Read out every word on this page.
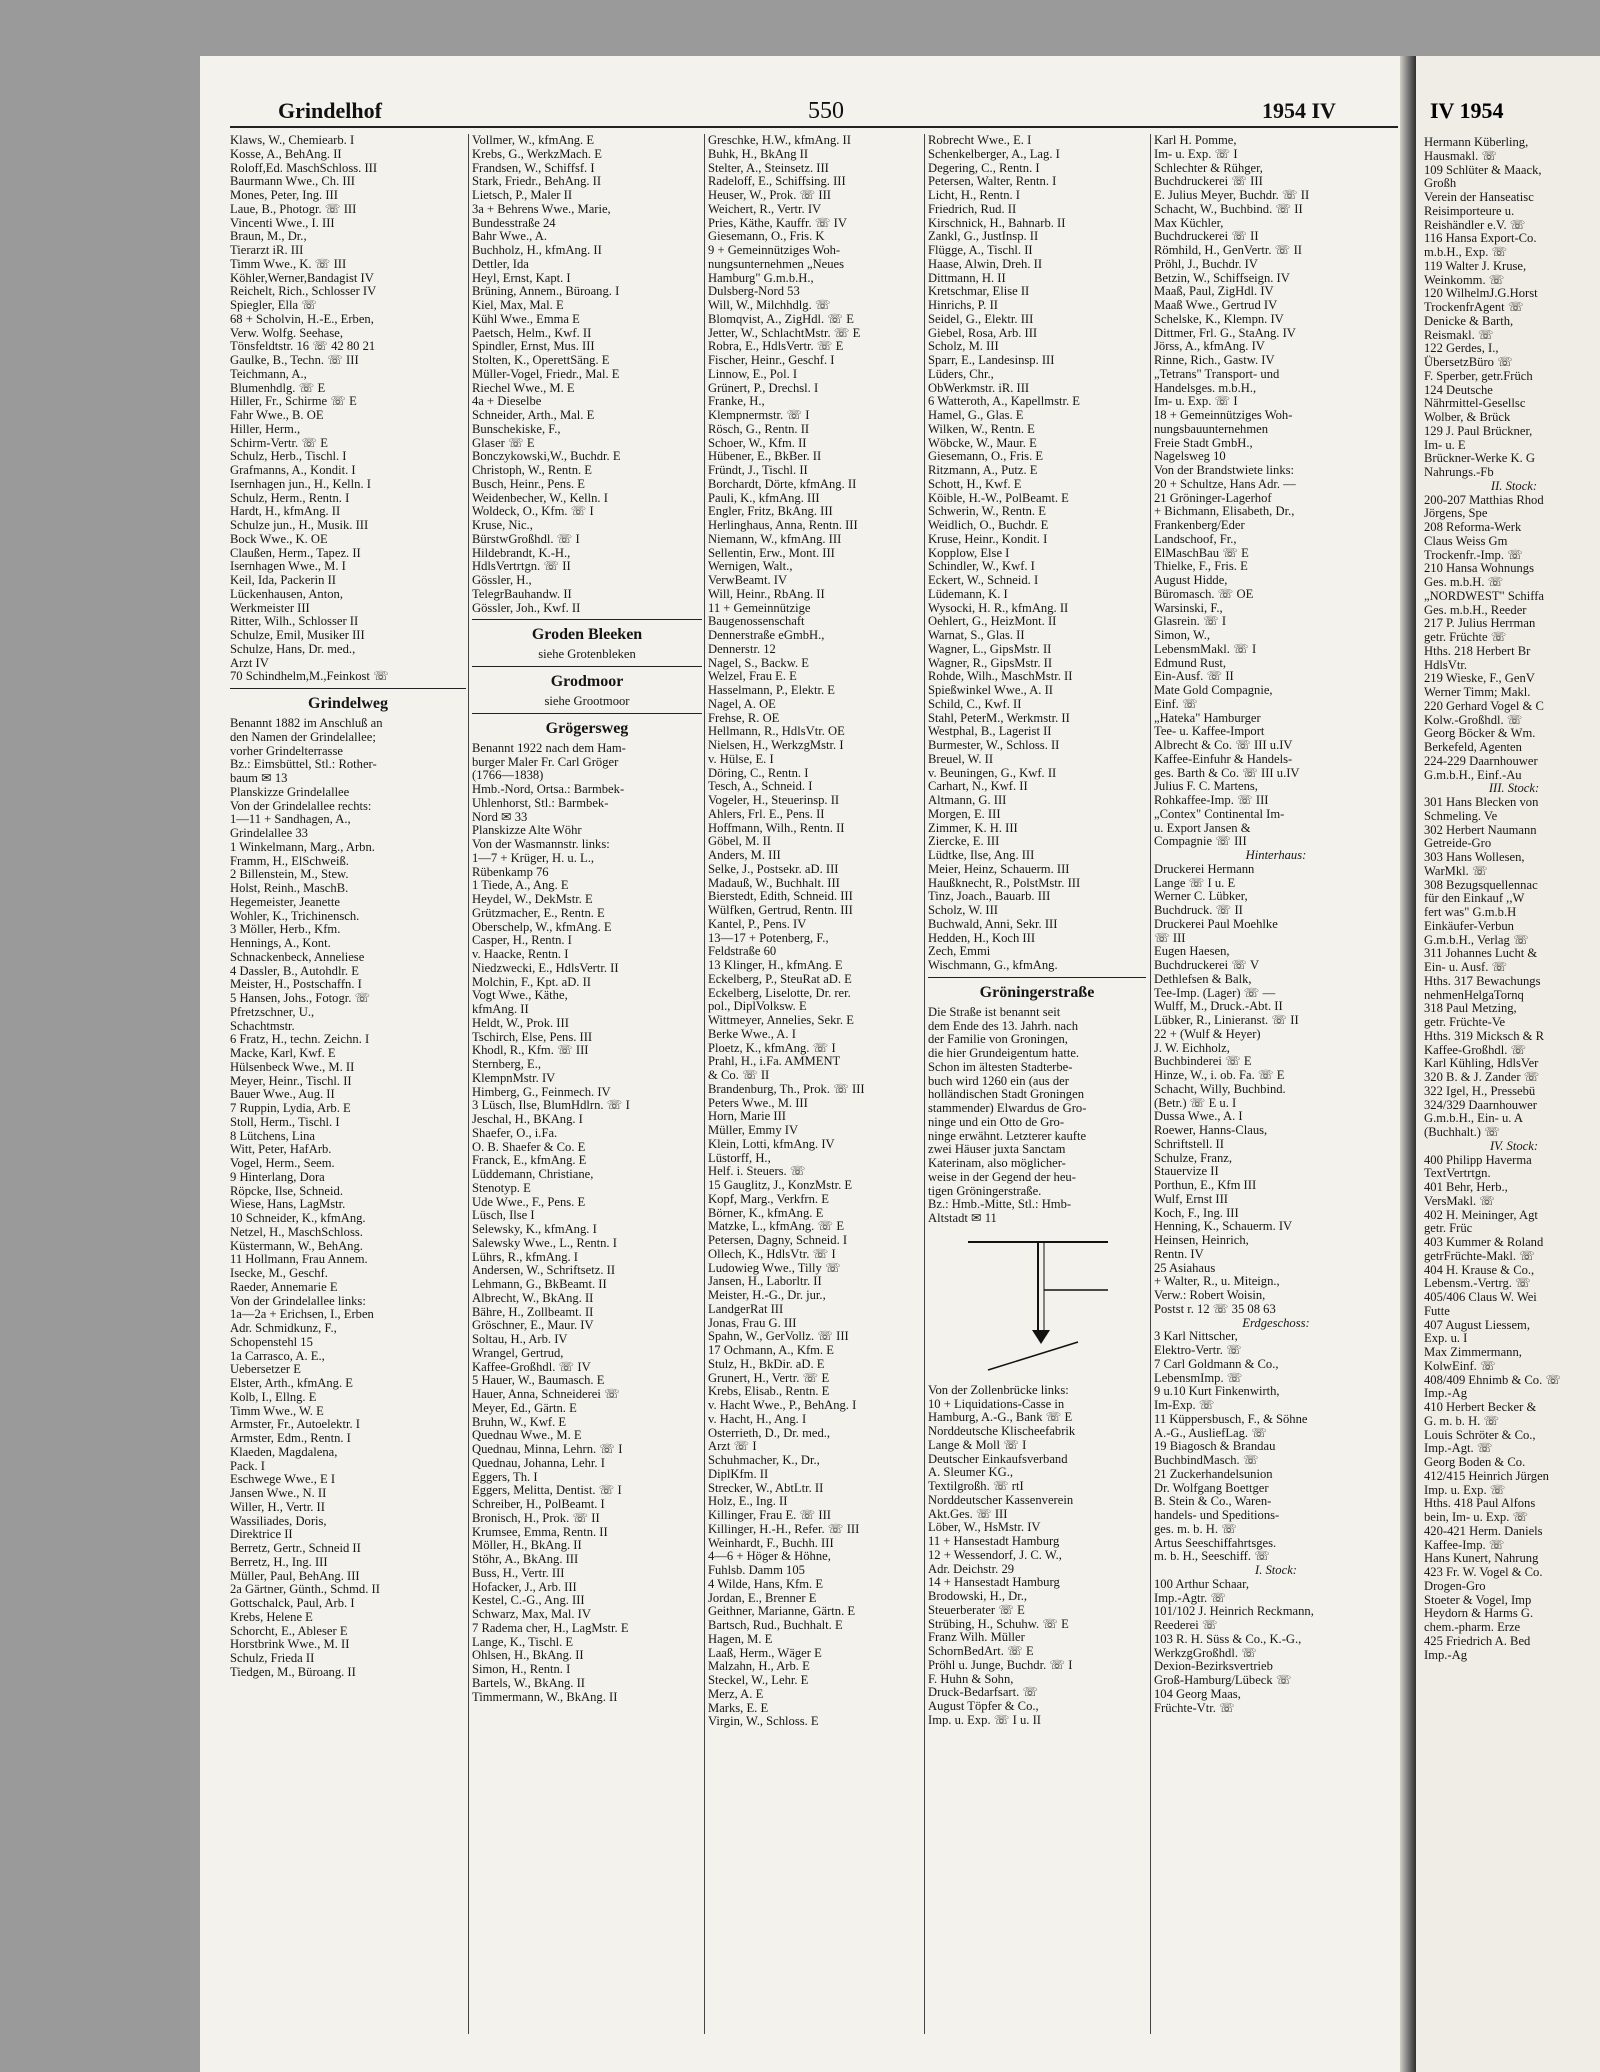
IV 1954
Hermann Küberling,
Hausmakl. ☏
109 Schlüter & Maack,
Großh
Verein der Hanseatisc
Reisimporteure u.
Reishändler e.V. ☏
116 Hansa Export-Co.
m.b.H., Exp. ☏
119 Walter J. Kruse,
Weinkomm. ☏
120 WilhelmJ.G.Horst
TrockenfrAgent ☏
Denicke & Barth,
Reismakl. ☏
122 Gerdes, I.,
ÜbersetzBüro ☏
F. Sperber, getr.Früch
124 Deutsche
Nährmittel-Gesellsc
Wolber, & Brück
129 J. Paul Brückner,
Im- u. E
Brückner-Werke K. G
Nahrungs.-Fb
II. Stock:
200-207 Matthias Rhod
Jörgens, Spe
208 Reforma-Werk
Claus Weiss Gm
Trockenfr.-Imp. ☏
210 Hansa Wohnungs
Ges. m.b.H. ☏
„NORDWEST" Schiffa
Ges. m.b.H., Reeder
217 P. Julius Herrman
getr. Früchte ☏
Hths. 218 Herbert Br
HdlsVtr.
219 Wieske, F., GenV
Werner Timm; Makl.
220 Gerhard Vogel & C
Kolw.-Großhdl. ☏
Georg Böcker & Wm.
Berkefeld, Agenten
224-229 Daarnhouwer
G.m.b.H., Einf.-Au
III. Stock:
301 Hans Blecken von
Schmeling. Ve
302 Herbert Naumann
Getreide-Gro
303 Hans Wollesen,
WarMkl. ☏
308 Bezugsquellennac
für den Einkauf ,,W
fert was" G.m.b.H
Einkäufer-Verbun
G.m.b.H., Verlag ☏
311 Johannes Lucht &
Ein- u. Ausf. ☏
Hths. 317 Bewachungs
nehmenHelgaTornq
318 Paul Metzing,
getr. Früchte-Ve
Hths. 319 Micksch & R
Kaffee-Großhdl. ☏
Karl Kühling, HdlsVer
320 B. & J. Zander ☏
322 Igel, H., Pressebü
324/329 Daarnhouwer
G.m.b.H., Ein- u. A
(Buchhalt.) ☏
IV. Stock:
400 Philipp Haverma
TextVertrtgn.
401 Behr, Herb.,
VersMakl. ☏
402 H. Meininger, Agt
getr. Früc
403 Kummer & Roland
getrFrüchte-Makl. ☏
404 H. Krause & Co.,
Lebensm.-Vertrg. ☏
405/406 Claus W. Wei
Futte
407 August Liessem,
Exp. u. I
Max Zimmermann,
KolwEinf. ☏
408/409 Ehnimb & Co. ☏
Imp.-Ag
410 Herbert Becker &
G. m. b. H. ☏
Louis Schröter & Co.,
Imp.-Agt. ☏
Georg Boden & Co.
412/415 Heinrich Jürgen
Imp. u. Exp. ☏
Hths. 418 Paul Alfons
bein, Im- u. Exp. ☏
420-421 Herm. Daniels
Kaffee-Imp. ☏
Hans Kunert, Nahrung
423 Fr. W. Vogel & Co.
Drogen-Gro
Stoeter & Vogel, Imp
Heydorn & Harms G.
chem.-pharm. Erze
425 Friedrich A. Bed
Imp.-Ag
Grindelhof	550	1954 IV
Klaws, W., Chemiearb. I
Kosse, A., BehAng. II
Roloff,Ed. MaschSchloss. III
Baurmann Wwe., Ch. III
Mones, Peter, Ing. III
Laue, B., Photogr. ☏ III
Vincenti Wwe., I. III
Braun, M., Dr.,
Tierarzt iR. III
Timm Wwe., K. ☏ III
Köhler,Werner,Bandagist IV
Reichelt, Rich., Schlosser IV
Spiegler, Ella ☏
68 + Scholvin, H.-E., Erben,
Verw. Wolfg. Seehase,
Tönsfeldtstr. 16 ☏ 42 80 21
Gaulke, B., Techn. ☏ III
Teichmann, A.,
Blumenhdlg. ☏ E
Hiller, Fr., Schirme ☏ E
Fahr Wwe., B. OE
Hiller, Herm.,
Schirm-Vertr. ☏ E
Schulz, Herb., Tischl. I
Grafmanns, A., Kondit. I
Isernhagen jun., H., Kelln. I
Schulz, Herm., Rentn. I
Hardt, H., kfmAng. II
Schulze jun., H., Musik. III
Bock Wwe., K. OE
Claußen, Herm., Tapez. II
Isernhagen Wwe., M. I
Keil, Ida, Packerin II
Lückenhausen, Anton,
Werkmeister III
Ritter, Wilh., Schlosser II
Schulze, Emil, Musiker III
Schulze, Hans, Dr. med.,
Arzt IV
70 Schindhelm,M.,Feinkost ☏
Grindelweg
Benannt 1882 im Anschluß an
den Namen der Grindelallee;
vorher Grindelterrasse
Bz.: Eimsbüttel, Stl.: Rother-
baum ✉ 13
Planskizze Grindelallee
Von der Grindelallee rechts:
1—11 + Sandhagen, A.,
Grindelallee 33
1 Winkelmann, Marg., Arbn.
Framm, H., ElSchweiß.
2 Billenstein, M., Stew.
Holst, Reinh., MaschB.
Hegemeister, Jeanette
Wohler, K., Trichinensch.
3 Möller, Herb., Kfm.
Hennings, A., Kont.
Schnackenbeck, Anneliese
4 Dassler, B., Autohdlr. E
Meister, H., Postschaffn. I
5 Hansen, Johs., Fotogr. ☏
Pfretzschner, U.,
Schachtmstr.
6 Fratz, H., techn. Zeichn. I
Macke, Karl, Kwf. E
Hülsenbeck Wwe., M. II
Meyer, Heinr., Tischl. II
Bauer Wwe., Aug. II
7 Ruppin, Lydia, Arb. E
Stoll, Herm., Tischl. I
8 Lütchens, Lina
Witt, Peter, HafArb.
Vogel, Herm., Seem.
9 Hinterlang, Dora
Röpcke, Ilse, Schneid.
Wiese, Hans, LagMstr.
10 Schneider, K., kfmAng.
Netzel, H., MaschSchloss.
Küstermann, W., BehAng.
11 Hollmann, Frau Annem.
Isecke, M., Geschf.
Raeder, Annemarie E
Von der Grindelallee links:
1a—2a + Erichsen, I., Erben
Adr. Schmidkunz, F.,
Schopenstehl 15
1a Carrasco, A. E.,
Uebersetzer E
Elster, Arth., kfmAng. E
Kolb, I., Ellng. E
Timm Wwe., W. E
Armster, Fr., Autoelektr. I
Armster, Edm., Rentn. I
Klaeden, Magdalena,
Pack. I
Eschwege Wwe., E I
Jansen Wwe., N. II
Willer, H., Vertr. II
Wassiliades, Doris,
Direktrice II
Berretz, Gertr., Schneid II
Berretz, H., Ing. III
Müller, Paul, BehAng. III
2a Gärtner, Günth., Schmd. II
Gottschalck, Paul, Arb. I
Krebs, Helene E
Schorcht, E., Ableser E
Horstbrink Wwe., M. II
Schulz, Frieda II
Tiedgen, M., Büroang. II
Vollmer, W., kfmAng. E
Krebs, G., WerkzMach. E
Frandsen, W., Schiffsf. I
Stark, Friedr., BehAng. II
Lietsch, P., Maler II
3a + Behrens Wwe., Marie,
Bundesstraße 24
Bahr Wwe., A.
Buchholz, H., kfmAng. II
Dettler, Ida
Heyl, Ernst, Kapt. I
Brüning, Annem., Büroang. I
Kiel, Max, Mal. E
Kühl Wwe., Emma E
Paetsch, Helm., Kwf. II
Spindler, Ernst, Mus. III
Stolten, K., OperettSäng. E
Müller-Vogel, Friedr., Mal. E
Riechel Wwe., M. E
4a + Dieselbe
Schneider, Arth., Mal. E
Bunschekiske, F.,
Glaser ☏ E
Bonczykowski,W., Buchdr. E
Christoph, W., Rentn. E
Busch, Heinr., Pens. E
Weidenbecher, W., Kelln. I
Woldeck, O., Kfm. ☏ I
Kruse, Nic.,
BürstwGroßhdl. ☏ I
Hildebrandt, K.-H.,
HdlsVertrtgn. ☏ II
Gössler, H.,
TelegrBauhandw. II
Gössler, Joh., Kwf. II
Groden Bleeken
siehe Grotenbleken
Grodmoor
siehe Grootmoor
Grögersweg
Benannt 1922 nach dem Ham-
burger Maler Fr. Carl Gröger
(1766—1838)
Hmb.-Nord, Ortsa.: Barmbek-
Uhlenhorst, Stl.: Barmbek-
Nord ✉ 33
Planskizze Alte Wöhr
Von der Wasmannstr. links:
1—7 + Krüger, H. u. L.,
Rübenkamp 76
1 Tiede, A., Ang. E
Heydel, W., DekMstr. E
Grützmacher, E., Rentn. E
Oberschelp, W., kfmAng. E
Casper, H., Rentn. I
v. Haacke, Rentn. I
Niedzwecki, E., HdlsVertr. II
Molchin, F., Kpt. aD. II
Vogt Wwe., Käthe,
kfmAng. II
Heldt, W., Prok. III
Tschirch, Else, Pens. III
Khodl, R., Kfm. ☏ III
Sternberg, E.,
KlempnMstr. IV
Himberg, G., Feinmech. IV
3 Lüsch, Ilse, BlumHdlrn. ☏ I
Jeschal, H., BKAng. I
Shaefer, O., i.Fa.
O. B. Shaefer & Co. E
Franck, E., kfmAng. E
Lüddemann, Christiane,
Stenotyp. E
Ude Wwe., F., Pens. E
Lüsch, Ilse I
Selewsky, K., kfmAng. I
Salewsky Wwe., L., Rentn. I
Lührs, R., kfmAng. I
Andersen, W., Schriftsetz. II
Lehmann, G., BkBeamt. II
Albrecht, W., BkAng. II
Bähre, H., Zollbeamt. II
Gröschner, E., Maur. IV
Soltau, H., Arb. IV
Wrangel, Gertrud,
Kaffee-Großhdl. ☏ IV
5 Hauer, W., Baumasch. E
Hauer, Anna, Schneiderei ☏
Meyer, Ed., Gärtn. E
Bruhn, W., Kwf. E
Quednau Wwe., M. E
Quednau, Minna, Lehrn. ☏ I
Quednau, Johanna, Lehr. I
Eggers, Th. I
Eggers, Melitta, Dentist. ☏ I
Schreiber, H., PolBeamt. I
Bronisch, H., Prok. ☏ II
Krumsee, Emma, Rentn. II
Möller, H., BkAng. II
Stöhr, A., BkAng. III
Buss, H., Vertr. III
Hofacker, J., Arb. III
Kestel, C.-G., Ang. III
Schwarz, Max, Mal. IV
7 Radema cher, H., LagMstr. E
Lange, K., Tischl. E
Ohlsen, H., BkAng. II
Simon, H., Rentn. I
Bartels, W., BkAng. II
Timmermann, W., BkAng. II
Greschke, H.W., kfmAng. II
Buhk, H., BkAng II
Stelter, A., Steinsetz. III
Radeloff, E., Schiffsing. III
Heuser, W., Prok. ☏ III
Weichert, R., Vertr. IV
Pries, Käthe, Kauffr. ☏ IV
Giesemann, O., Fris. K
9 + Gemeinnütziges Woh-
nungsunternehmen „Neues
Hamburg" G.m.b.H.,
Dulsberg-Nord 53
Will, W., Milchhdlg. ☏
Blomqvist, A., ZigHdl. ☏ E
Jetter, W., SchlachtMstr. ☏ E
Robra, E., HdlsVertr. ☏ E
Fischer, Heinr., Geschf. I
Linnow, E., Pol. I
Grünert, P., Drechsl. I
Franke, H.,
Klempnermstr. ☏ I
Rösch, G., Rentn. II
Schoer, W., Kfm. II
Hübener, E., BkBer. II
Fründt, J., Tischl. II
Borchardt, Dörte, kfmAng. II
Pauli, K., kfmAng. III
Engler, Fritz, BkAng. III
Herlinghaus, Anna, Rentn. III
Niemann, W., kfmAng. III
Sellentin, Erw., Mont. III
Wernigen, Walt.,
VerwBeamt. IV
Will, Heinr., RbAng. II
11 + Gemeinnützige
Baugenossenschaft
Dennerstraße eGmbH.,
Dennerstr. 12
Nagel, S., Backw. E
Welzel, Frau E. E
Hasselmann, P., Elektr. E
Nagel, A. OE
Frehse, R. OE
Hellmann, R., HdlsVtr. OE
Nielsen, H., WerkzgMstr. I
v. Hülse, E. I
Döring, C., Rentn. I
Tesch, A., Schneid. I
Vogeler, H., Steuerinsp. II
Ahlers, Frl. E., Pens. II
Hoffmann, Wilh., Rentn. II
Göbel, M. II
Anders, M. III
Selke, J., Postsekr. aD. III
Madauß, W., Buchhalt. III
Bierstedt, Edith, Schneid. III
Wülfken, Gertrud, Rentn. III
Kantel, P., Pens. IV
13—17 + Potenberg, F.,
Feldstraße 60
13 Klinger, H., kfmAng. E
Eckelberg, P., SteuRat aD. E
Eckelberg, Liselotte, Dr. rer.
pol., DiplVolksw. E
Wittmeyer, Annelies, Sekr. E
Berke Wwe., A. I
Ploetz, K., kfmAng. ☏ I
Prahl, H., i.Fa. AMMENT
& Co. ☏ II
Brandenburg, Th., Prok. ☏ III
Peters Wwe., M. III
Horn, Marie III
Müller, Emmy IV
Klein, Lotti, kfmAng. IV
Lüstorff, H.,
Helf. i. Steuers. ☏
15 Gauglitz, J., KonzMstr. E
Kopf, Marg., Verkfrn. E
Börner, K., kfmAng. E
Matzke, L., kfmAng. ☏ E
Petersen, Dagny, Schneid. I
Ollech, K., HdlsVtr. ☏ I
Ludowieg Wwe., Tilly ☏
Jansen, H., Laborltr. II
Meister, H.-G., Dr. jur.,
LandgerRat III
Jonas, Frau G. III
Spahn, W., GerVollz. ☏ III
17 Ochmann, A., Kfm. E
Stulz, H., BkDir. aD. E
Grunert, H., Vertr. ☏ E
Krebs, Elisab., Rentn. E
v. Hacht Wwe., P., BehAng. I
v. Hacht, H., Ang. I
Osterrieth, D., Dr. med.,
Arzt ☏ I
Schuhmacher, K., Dr.,
DiplKfm. II
Strecker, W., AbtLtr. II
Holz, E., Ing. II
Killinger, Frau E. ☏ III
Killinger, H.-H., Refer. ☏ III
Weinhardt, F., Buchh. III
4—6 + Höger & Höhne,
Fuhlsb. Damm 105
4 Wilde, Hans, Kfm. E
Jordan, E., Brenner E
Geithner, Marianne, Gärtn. E
Bartsch, Rud., Buchhalt. E
Hagen, M. E
Laaß, Herm., Wäger E
Malzahn, H., Arb. E
Steckel, W., Lehr. E
Merz, A. E
Marks, E. E
Virgin, W., Schloss. E
Robrecht Wwe., E. I
Schenkelberger, A., Lag. I
Degering, C., Rentn. I
Petersen, Walter, Rentn. I
Licht, H., Rentn. I
Friedrich, Rud. II
Kirschnick, H., Bahnarb. II
Zankl, G., JustInsp. II
Flügge, A., Tischl. II
Haase, Alwin, Dreh. II
Dittmann, H. II
Kretschmar, Elise II
Hinrichs, P. II
Seidel, G., Elektr. III
Giebel, Rosa, Arb. III
Scholz, M. III
Sparr, E., Landesinsp. III
Lüders, Chr.,
ObWerkmstr. iR. III
6 Watteroth, A., Kapellmstr. E
Hamel, G., Glas. E
Wilken, W., Rentn. E
Wöbcke, W., Maur. E
Giesemann, O., Fris. E
Ritzmann, A., Putz. E
Schott, H., Kwf. E
Köible, H.-W., PolBeamt. E
Schwerin, W., Rentn. E
Weidlich, O., Buchdr. E
Kruse, Heinr., Kondit. I
Kopplow, Else I
Schindler, W., Kwf. I
Eckert, W., Schneid. I
Lüdemann, K. I
Wysocki, H. R., kfmAng. II
Oehlert, G., HeizMont. II
Warnat, S., Glas. II
Wagner, L., GipsMstr. II
Wagner, R., GipsMstr. II
Rohde, Wilh., MaschMstr. II
Spießwinkel Wwe., A. II
Schild, C., Kwf. II
Stahl, PeterM., Werkmstr. II
Westphal, B., Lagerist II
Burmester, W., Schloss. II
Breuel, W. II
v. Beuningen, G., Kwf. II
Carhart, N., Kwf. II
Altmann, G. III
Morgen, E. III
Zimmer, K. H. III
Ziercke, E. III
Lüdtke, Ilse, Ang. III
Meier, Heinz, Schauerm. III
Haußknecht, R., PolstMstr. III
Tinz, Joach., Bauarb. III
Scholz, W. III
Buchwald, Anni, Sekr. III
Hedden, H., Koch III
Zech, Emmi
Wischmann, G., kfmAng.
Gröningerstraße
Die Straße ist benannt seit
dem Ende des 13. Jahrh. nach
der Familie von Groningen,
die hier Grundeigentum hatte.
Schon im ältesten Stadterbe-
buch wird 1260 ein (aus der
holländischen Stadt Groningen
stammender) Elwardus de Gro-
ninge und ein Otto de Gro-
ninge erwähnt. Letzterer kaufte
zwei Häuser juxta Sanctam
Katerinam, also möglicher-
weise in der Gegend der heu-
tigen Gröningerstraße.
Bz.: Hmb.-Mitte, Stl.: Hmb-
Altstadt ✉ 11
Von der Zollenbrücke links:
10 + Liquidations-Casse in
Hamburg, A.-G., Bank ☏ E
Norddeutsche Klischeefabrik
Lange & Moll ☏ I
Deutscher Einkaufsverband
A. Sleumer KG.,
Textilgroßh. ☏ rtI
Norddeutscher Kassenverein
Akt.Ges. ☏ III
Löber, W., HsMstr. IV
11 + Hansestadt Hamburg
12 + Wessendorf, J. C. W.,
Adr. Deichstr. 29
14 + Hansestadt Hamburg
Brodowski, H., Dr.,
Steuerberater ☏ E
Strübing, H., Schuhw. ☏ E
Franz Wilh. Müller
SchornBedArt. ☏ E
Pröhl u. Junge, Buchdr. ☏ I
F. Huhn & Sohn,
Druck-Bedarfsart. ☏
August Töpfer & Co.,
Imp. u. Exp. ☏ I u. II
Karl H. Pomme,
Im- u. Exp. ☏ I
Schlechter & Rühger,
Buchdruckerei ☏ III
E. Julius Meyer, Buchdr. ☏ II
Schacht, W., Buchbind. ☏ II
Max Küchler,
Buchdruckerei ☏ II
Römhild, H., GenVertr. ☏ II
Pröhl, J., Buchdr. IV
Betzin, W., Schiffseign. IV
Maaß, Paul, ZigHdl. IV
Maaß Wwe., Gertrud IV
Schelske, K., Klempn. IV
Dittmer, Frl. G., StaAng. IV
Jörss, A., kfmAng. IV
Rinne, Rich., Gastw. IV
„Tetrans" Transport- und
Handelsges. m.b.H.,
Im- u. Exp. ☏ I
18 + Gemeinnütziges Woh-
nungsbauunternehmen
Freie Stadt GmbH.,
Nagelsweg 10
Von der Brandstwiete links:
20 + Schultze, Hans Adr. —
21 Gröninger-Lagerhof
+ Bichmann, Elisabeth, Dr.,
Frankenberg/Eder
Landschoof, Fr.,
ElMaschBau ☏ E
Thielke, F., Fris. E
August Hidde,
Büromasch. ☏ OE
Warsinski, F.,
Glasrein. ☏ I
Simon, W.,
LebensmMakl. ☏ I
Edmund Rust,
Ein-Ausf. ☏ II
Mate Gold Compagnie,
Einf. ☏
„Hateka" Hamburger
Tee- u. Kaffee-Import
Albrecht & Co. ☏ III u.IV
Kaffee-Einfuhr & Handels-
ges. Barth & Co. ☏ III u.IV
Julius F. C. Martens,
Rohkaffee-Imp. ☏ III
„Contex" Continental Im-
u. Export Jansen &
Compagnie ☏ III
Hinterhaus:
Druckerei Hermann
Lange ☏ I u. E
Werner C. Lübker,
Buchdruck. ☏ II
Druckerei Paul Moehlke
☏ III
Eugen Haesen,
Buchdruckerei ☏ V
Dethlefsen & Balk,
Tee-Imp. (Lager) ☏ —
Wulff, M., Druck.-Abt. II
Lübker, R., Linieranst. ☏ II
22 + (Wulf & Heyer)
J. W. Eichholz,
Buchbinderei ☏ E
Hinze, W., i. ob. Fa. ☏ E
Schacht, Willy, Buchbind.
(Betr.) ☏ E u. I
Dussa Wwe., A. I
Roewer, Hanns-Claus,
Schriftstell. II
Schulze, Franz,
Stauervize II
Porthun, E., Kfm III
Wulf, Ernst III
Koch, F., Ing. III
Henning, K., Schauerm. IV
Heinsen, Heinrich,
Rentn. IV
25 Asiahaus
+ Walter, R., u. Miteign.,
Verw.: Robert Woisin,
Postst r. 12 ☏ 35 08 63
Erdgeschoss:
3 Karl Nittscher,
Elektro-Vertr. ☏
7 Carl Goldmann & Co.,
LebensmImp. ☏
9 u.10 Kurt Finkenwirth,
Im-Exp. ☏
11 Küppersbusch, F., & Söhne
A.-G., AusliefLag. ☏
19 Biagosch & Brandau
BuchbindMasch. ☏
21 Zuckerhandelsunion
Dr. Wolfgang Boettger
B. Stein & Co., Waren-
handels- und Speditions-
ges. m. b. H. ☏
Artus Seeschiffahrtsges.
m. b. H., Seeschiff. ☏
I. Stock:
100 Arthur Schaar,
Imp.-Agtr. ☏
101/102 J. Heinrich Reckmann,
Reederei ☏
103 R. H. Süss & Co., K.-G.,
WerkzgGroßhdl. ☏
Dexion-Bezirksvertrieb
Groß-Hamburg/Lübeck ☏
104 Georg Maas,
Früchte-Vtr. ☏
